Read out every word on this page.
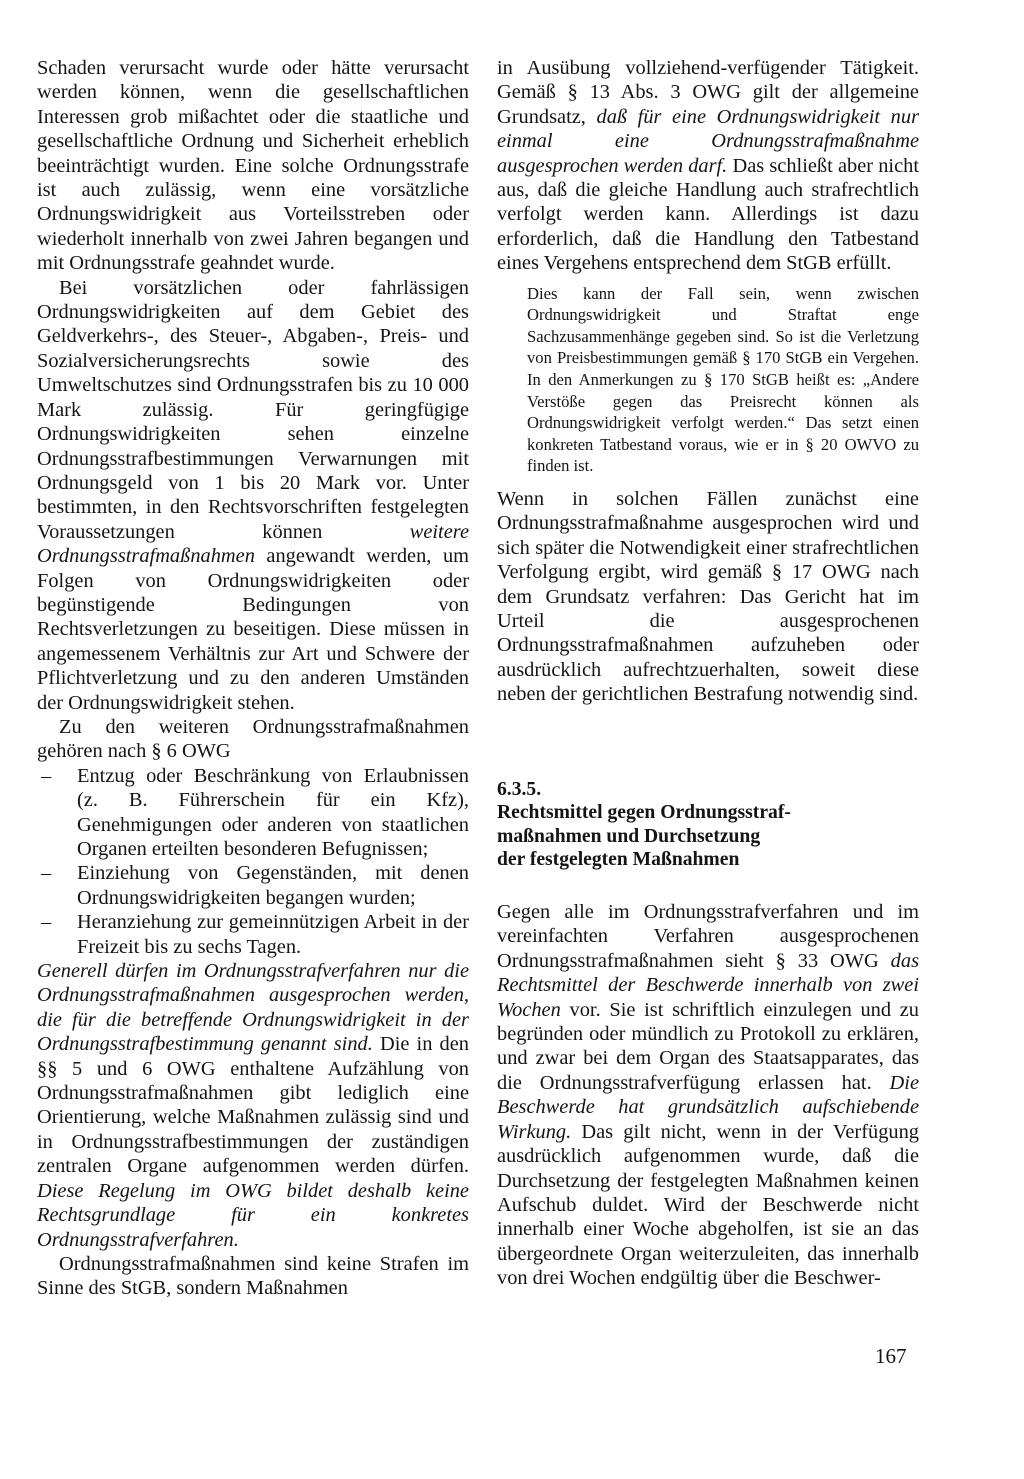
Schaden verursacht wurde oder hätte verursacht werden können, wenn die gesellschaftlichen Interessen grob mißachtet oder die staatliche und gesellschaftliche Ordnung und Sicherheit erheblich beeinträchtigt wurden. Eine solche Ordnungsstrafe ist auch zulässig, wenn eine vorsätzliche Ordnungswidrigkeit aus Vorteilsstreben oder wiederholt innerhalb von zwei Jahren begangen und mit Ordnungsstrafe geahndet wurde.

Bei vorsätzlichen oder fahrlässigen Ordnungswidrigkeiten auf dem Gebiet des Geldverkehrs-, des Steuer-, Abgaben-, Preis- und Sozialversicherungsrechts sowie des Umweltschutzes sind Ordnungsstrafen bis zu 10 000 Mark zulässig. Für geringfügige Ordnungswidrigkeiten sehen einzelne Ordnungsstrafbestimmungen Verwarnungen mit Ordnungsgeld von 1 bis 20 Mark vor. Unter bestimmten, in den Rechtsvorschriften festgelegten Voraussetzungen können weitere Ordnungsstrafmaßnahmen angewandt werden, um Folgen von Ordnungswidrigkeiten oder begünstigende Bedingungen von Rechtsverletzungen zu beseitigen. Diese müssen in angemessenem Verhältnis zur Art und Schwere der Pflichtverletzung und zu den anderen Umständen der Ordnungswidrigkeit stehen.

Zu den weiteren Ordnungsstrafmaßnahmen gehören nach § 6 OWG

– Entzug oder Beschränkung von Erlaubnissen (z. B. Führerschein für ein Kfz), Genehmigungen oder anderen von staatlichen Organen erteilten besonderen Befugnissen;
– Einziehung von Gegenständen, mit denen Ordnungswidrigkeiten begangen wurden;
– Heranziehung zur gemeinnützigen Arbeit in der Freizeit bis zu sechs Tagen.

Generell dürfen im Ordnungsstrafverfahren nur die Ordnungsstrafmaßnahmen ausgesprochen werden, die für die betreffende Ordnungswidrigkeit in der Ordnungsstrafbestimmung genannt sind. Die in den §§ 5 und 6 OWG enthaltene Aufzählung von Ordnungsstrafmaßnahmen gibt lediglich eine Orientierung, welche Maßnahmen zulässig sind und in Ordnungsstrafbestimmungen der zuständigen zentralen Organe aufgenommen werden dürfen. Diese Regelung im OWG bildet deshalb keine Rechtsgrundlage für ein konkretes Ordnungsstrafverfahren.

Ordnungsstrafmaßnahmen sind keine Strafen im Sinne des StGB, sondern Maßnahmen

in Ausübung vollziehend-verfügender Tätigkeit. Gemäß § 13 Abs. 3 OWG gilt der allgemeine Grundsatz, daß für eine Ordnungswidrigkeit nur einmal eine Ordnungsstrafmaßnahme ausgesprochen werden darf. Das schließt aber nicht aus, daß die gleiche Handlung auch strafrechtlich verfolgt werden kann. Allerdings ist dazu erforderlich, daß die Handlung den Tatbestand eines Vergehens entsprechend dem StGB erfüllt.

Dies kann der Fall sein, wenn zwischen Ordnungswidrigkeit und Straftat enge Sachzusammenhänge gegeben sind. So ist die Verletzung von Preisbestimmungen gemäß § 170 StGB ein Vergehen. In den Anmerkungen zu § 170 StGB heißt es: „Andere Verstöße gegen das Preisrecht können als Ordnungswidrigkeit verfolgt werden.“ Das setzt einen konkreten Tatbestand voraus, wie er in § 20 OWVO zu finden ist.

Wenn in solchen Fällen zunächst eine Ordnungsstrafmaßnahme ausgesprochen wird und sich später die Notwendigkeit einer strafrechtlichen Verfolgung ergibt, wird gemäß § 17 OWG nach dem Grundsatz verfahren: Das Gericht hat im Urteil die ausgesprochenen Ordnungsstrafmaßnahmen aufzuheben oder ausdrücklich aufrechtzuerhalten, soweit diese neben der gerichtlichen Bestrafung notwendig sind.

6.3.5.
Rechtsmittel gegen Ordnungsstraf-
maßnahmen und Durchsetzung
der festgelegten Maßnahmen

Gegen alle im Ordnungsstrafverfahren und im vereinfachten Verfahren ausgesprochenen Ordnungsstrafmaßnahmen sieht § 33 OWG das Rechtsmittel der Beschwerde innerhalb von zwei Wochen vor. Sie ist schriftlich einzulegen und zu begründen oder mündlich zu Protokoll zu erklären, und zwar bei dem Organ des Staatsapparates, das die Ordnungsstrafverfügung erlassen hat. Die Beschwerde hat grundsätzlich aufschiebende Wirkung. Das gilt nicht, wenn in der Verfügung ausdrücklich aufgenommen wurde, daß die Durchsetzung der festgelegten Maßnahmen keinen Aufschub duldet. Wird der Beschwerde nicht innerhalb einer Woche abgeholfen, ist sie an das übergeordnete Organ weiterzuleiten, das innerhalb von drei Wochen endgültig über die Beschwer-

167
